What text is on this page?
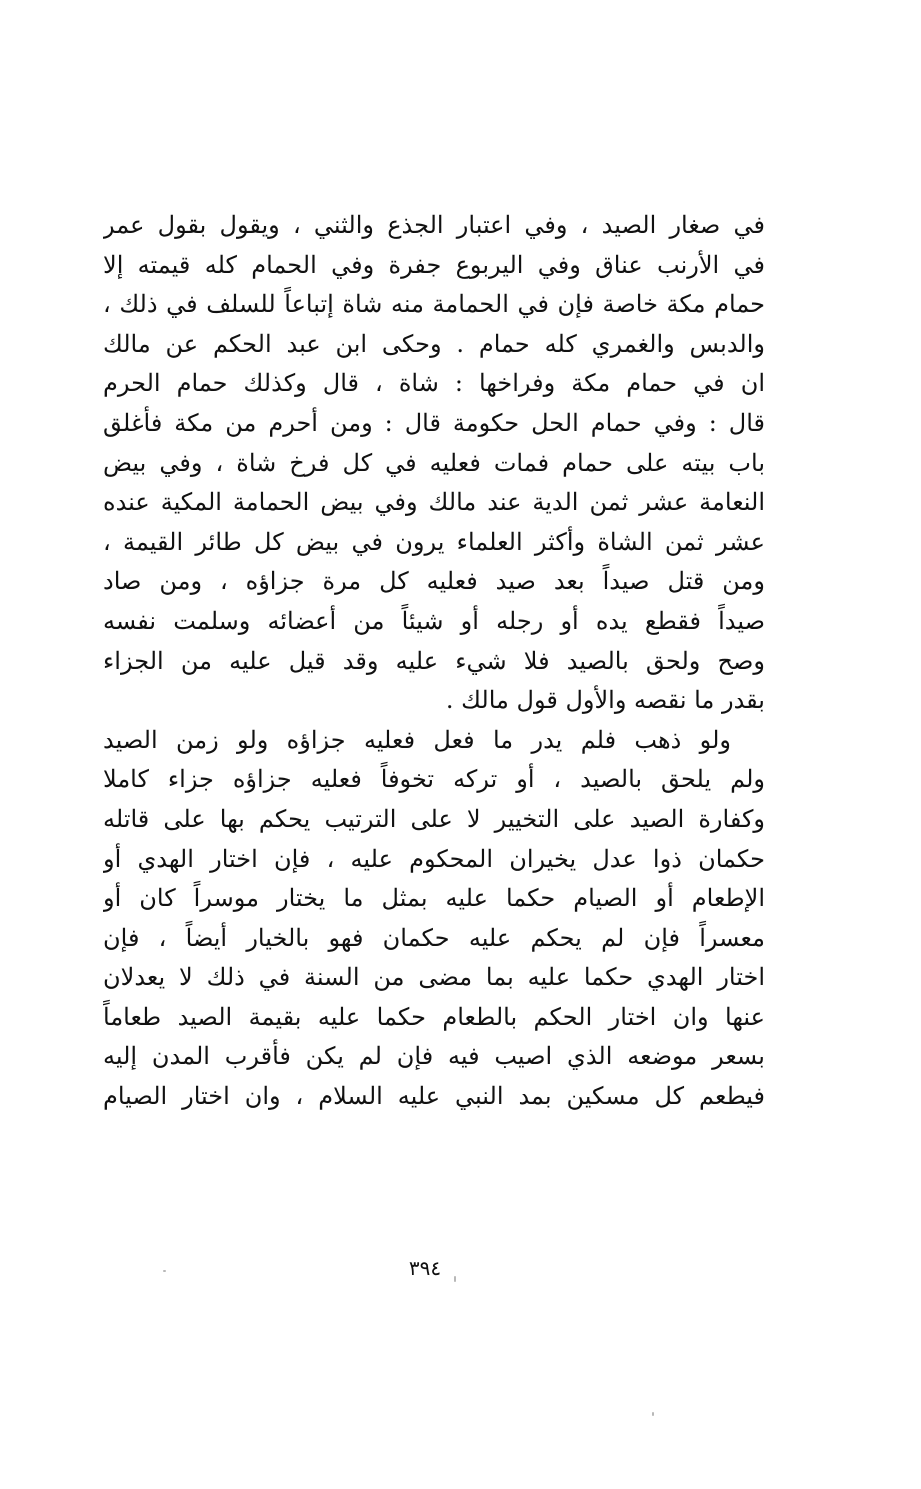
في صغار الصيد ، وفي اعتبار الجذع والثني ، ويقول بقول عمر
في الأرنب عناق وفي اليربوع جفرة وفي الحمام كله قيمته إلا
حمام مكة خاصة فإن في الحمامة منه شاة إتباعاً للسلف في ذلك ،
والدبس والغمري كله حمام . وحكى ابن عبد الحكم عن مالك
ان في حمام مكة وفراخها : شاة ، قال وكذلك حمام الحرم
قال : وفي حمام الحل حكومة قال : ومن أحرم من مكة فأغلق
باب بيته على حمام فمات فعليه في كل فرخ شاة ، وفي بيض
النعامة عشر ثمن الدية عند مالك وفي بيض الحمامة المكية عنده
عشر ثمن الشاة وأكثر العلماء يرون في بيض كل طائر القيمة ،
ومن قتل صيداً بعد صيد فعليه كل مرة جزاؤه ، ومن صاد
صيداً فقطع يده أو رجله أو شيئاً من أعضائه وسلمت نفسه
وصح ولحق بالصيد فلا شيء عليه وقد قيل عليه من الجزاء
بقدر ما نقصه والأول قول مالك .
ولو ذهب فلم يدر ما فعل فعليه جزاؤه ولو زمن الصيد
ولم يلحق بالصيد ، أو تركه تخوفاً فعليه جزاؤه جزاء كاملا
وكفارة الصيد على التخيير لا على الترتيب يحكم بها على قاتله
حكمان ذوا عدل يخيران المحكوم عليه ، فإن اختار الهدي أو
الإطعام أو الصيام حكما عليه بمثل ما يختار موسراً كان أو
معسراً فإن لم يحكم عليه حكمان فهو بالخيار أيضاً ، فإن
اختار الهدي حكما عليه بما مضى من السنة في ذلك لا يعدلان
عنها وان اختار الحكم بالطعام حكما عليه بقيمة الصيد طعاماً
بسعر موضعه الذي اصيب فيه فإن لم يكن فأقرب المدن إليه
فيطعم كل مسكين بمد النبي عليه السلام ، وان اختار الصيام
٣٩٤
